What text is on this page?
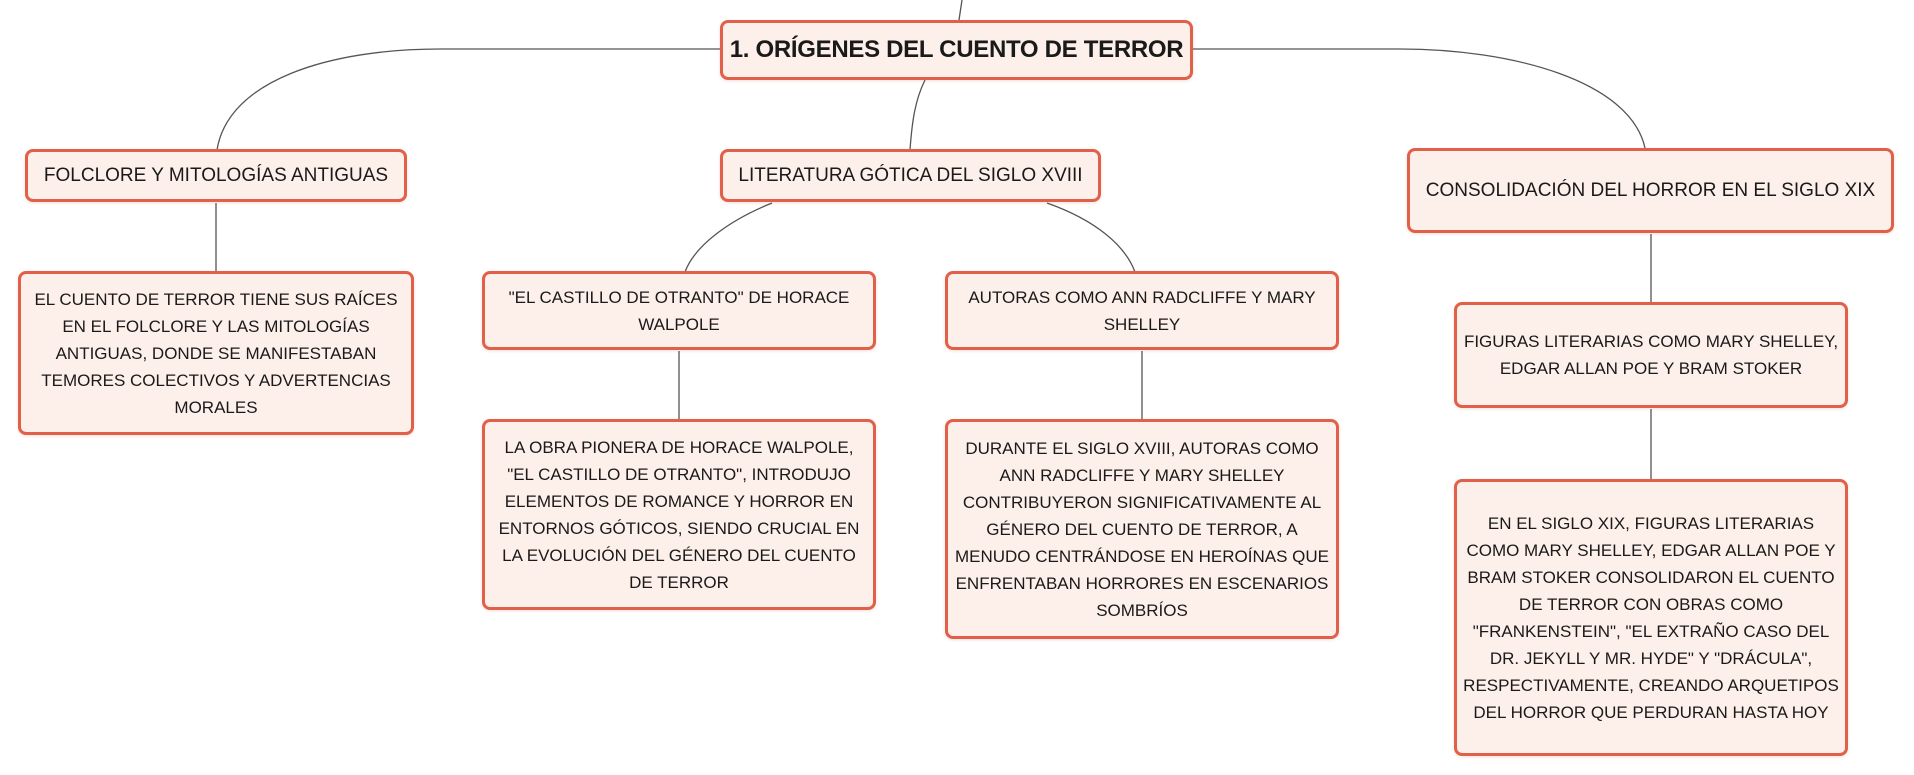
1. ORÍGENES DEL CUENTO DE TERROR
FOLCLORE Y MITOLOGÍAS ANTIGUAS	LITERATURA GÓTICA DEL SIGLO XVIII
CONSOLIDACIÓN DEL HORROR EN EL SIGLO XIX
EL CUENTO DE TERROR TIENE SUS RAÍCES EN EL FOLCLORE Y LAS MITOLOGÍAS ANTIGUAS, DONDE SE MANIFESTABAN TEMORES COLECTIVOS Y ADVERTENCIAS MORALES
"EL CASTILLO DE OTRANTO" DE HORACE WALPOLE
AUTORAS COMO ANN RADCLIFFE Y MARY SHELLEY
LA OBRA PIONERA DE HORACE WALPOLE, "EL CASTILLO DE OTRANTO", INTRODUJO ELEMENTOS DE ROMANCE Y HORROR EN ENTORNOS GÓTICOS, SIENDO CRUCIAL EN LA EVOLUCIÓN DEL GÉNERO DEL CUENTO DE TERROR
DURANTE EL SIGLO XVIII, AUTORAS COMO ANN RADCLIFFE Y MARY SHELLEY CONTRIBUYERON SIGNIFICATIVAMENTE AL GÉNERO DEL CUENTO DE TERROR, A MENUDO CENTRÁNDOSE EN HEROÍNAS QUE ENFRENTABAN HORRORES EN ESCENARIOS SOMBRÍOS
FIGURAS LITERARIAS COMO MARY SHELLEY, EDGAR ALLAN POE Y BRAM STOKER
EN EL SIGLO XIX, FIGURAS LITERARIAS COMO MARY SHELLEY, EDGAR ALLAN POE Y BRAM STOKER CONSOLIDARON EL CUENTO DE TERROR CON OBRAS COMO "FRANKENSTEIN", "EL EXTRAÑO CASO DEL DR. JEKYLL Y MR. HYDE" Y "DRÁCULA", RESPECTIVAMENTE, CREANDO ARQUETIPOS DEL HORROR QUE PERDURAN HASTA HOY
